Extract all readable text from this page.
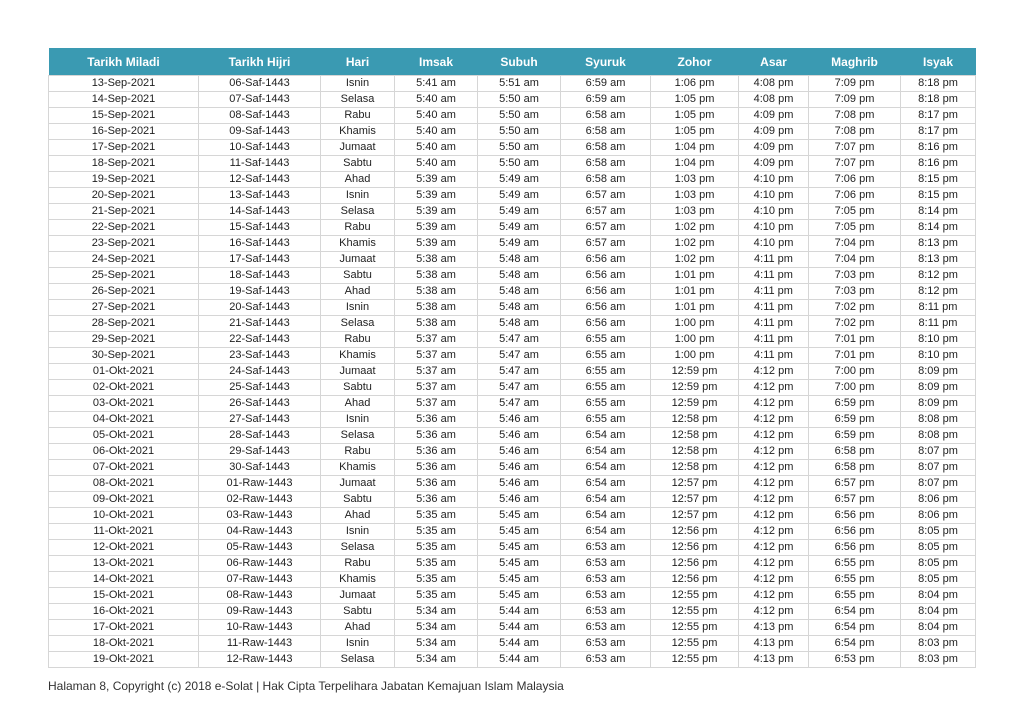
Tarikh Miladi	Tarikh Hijri	Hari	Imsak	Subuh	Syuruk	Zohor	Asar	Maghrib	Isyak
13-Sep-2021	06-Saf-1443	Isnin	5:41 am	5:51 am	6:59 am	1:06 pm	4:08 pm	7:09 pm	8:18 pm
14-Sep-2021	07-Saf-1443	Selasa	5:40 am	5:50 am	6:59 am	1:05 pm	4:08 pm	7:09 pm	8:18 pm
15-Sep-2021	08-Saf-1443	Rabu	5:40 am	5:50 am	6:58 am	1:05 pm	4:09 pm	7:08 pm	8:17 pm
16-Sep-2021	09-Saf-1443	Khamis	5:40 am	5:50 am	6:58 am	1:05 pm	4:09 pm	7:08 pm	8:17 pm
17-Sep-2021	10-Saf-1443	Jumaat	5:40 am	5:50 am	6:58 am	1:04 pm	4:09 pm	7:07 pm	8:16 pm
18-Sep-2021	11-Saf-1443	Sabtu	5:40 am	5:50 am	6:58 am	1:04 pm	4:09 pm	7:07 pm	8:16 pm
19-Sep-2021	12-Saf-1443	Ahad	5:39 am	5:49 am	6:58 am	1:03 pm	4:10 pm	7:06 pm	8:15 pm
20-Sep-2021	13-Saf-1443	Isnin	5:39 am	5:49 am	6:57 am	1:03 pm	4:10 pm	7:06 pm	8:15 pm
21-Sep-2021	14-Saf-1443	Selasa	5:39 am	5:49 am	6:57 am	1:03 pm	4:10 pm	7:05 pm	8:14 pm
22-Sep-2021	15-Saf-1443	Rabu	5:39 am	5:49 am	6:57 am	1:02 pm	4:10 pm	7:05 pm	8:14 pm
23-Sep-2021	16-Saf-1443	Khamis	5:39 am	5:49 am	6:57 am	1:02 pm	4:10 pm	7:04 pm	8:13 pm
24-Sep-2021	17-Saf-1443	Jumaat	5:38 am	5:48 am	6:56 am	1:02 pm	4:11 pm	7:04 pm	8:13 pm
25-Sep-2021	18-Saf-1443	Sabtu	5:38 am	5:48 am	6:56 am	1:01 pm	4:11 pm	7:03 pm	8:12 pm
26-Sep-2021	19-Saf-1443	Ahad	5:38 am	5:48 am	6:56 am	1:01 pm	4:11 pm	7:03 pm	8:12 pm
27-Sep-2021	20-Saf-1443	Isnin	5:38 am	5:48 am	6:56 am	1:01 pm	4:11 pm	7:02 pm	8:11 pm
28-Sep-2021	21-Saf-1443	Selasa	5:38 am	5:48 am	6:56 am	1:00 pm	4:11 pm	7:02 pm	8:11 pm
29-Sep-2021	22-Saf-1443	Rabu	5:37 am	5:47 am	6:55 am	1:00 pm	4:11 pm	7:01 pm	8:10 pm
30-Sep-2021	23-Saf-1443	Khamis	5:37 am	5:47 am	6:55 am	1:00 pm	4:11 pm	7:01 pm	8:10 pm
01-Okt-2021	24-Saf-1443	Jumaat	5:37 am	5:47 am	6:55 am	12:59 pm	4:12 pm	7:00 pm	8:09 pm
02-Okt-2021	25-Saf-1443	Sabtu	5:37 am	5:47 am	6:55 am	12:59 pm	4:12 pm	7:00 pm	8:09 pm
03-Okt-2021	26-Saf-1443	Ahad	5:37 am	5:47 am	6:55 am	12:59 pm	4:12 pm	6:59 pm	8:09 pm
04-Okt-2021	27-Saf-1443	Isnin	5:36 am	5:46 am	6:55 am	12:58 pm	4:12 pm	6:59 pm	8:08 pm
05-Okt-2021	28-Saf-1443	Selasa	5:36 am	5:46 am	6:54 am	12:58 pm	4:12 pm	6:59 pm	8:08 pm
06-Okt-2021	29-Saf-1443	Rabu	5:36 am	5:46 am	6:54 am	12:58 pm	4:12 pm	6:58 pm	8:07 pm
07-Okt-2021	30-Saf-1443	Khamis	5:36 am	5:46 am	6:54 am	12:58 pm	4:12 pm	6:58 pm	8:07 pm
08-Okt-2021	01-Raw-1443	Jumaat	5:36 am	5:46 am	6:54 am	12:57 pm	4:12 pm	6:57 pm	8:07 pm
09-Okt-2021	02-Raw-1443	Sabtu	5:36 am	5:46 am	6:54 am	12:57 pm	4:12 pm	6:57 pm	8:06 pm
10-Okt-2021	03-Raw-1443	Ahad	5:35 am	5:45 am	6:54 am	12:57 pm	4:12 pm	6:56 pm	8:06 pm
11-Okt-2021	04-Raw-1443	Isnin	5:35 am	5:45 am	6:54 am	12:56 pm	4:12 pm	6:56 pm	8:05 pm
12-Okt-2021	05-Raw-1443	Selasa	5:35 am	5:45 am	6:53 am	12:56 pm	4:12 pm	6:56 pm	8:05 pm
13-Okt-2021	06-Raw-1443	Rabu	5:35 am	5:45 am	6:53 am	12:56 pm	4:12 pm	6:55 pm	8:05 pm
14-Okt-2021	07-Raw-1443	Khamis	5:35 am	5:45 am	6:53 am	12:56 pm	4:12 pm	6:55 pm	8:05 pm
15-Okt-2021	08-Raw-1443	Jumaat	5:35 am	5:45 am	6:53 am	12:55 pm	4:12 pm	6:55 pm	8:04 pm
16-Okt-2021	09-Raw-1443	Sabtu	5:34 am	5:44 am	6:53 am	12:55 pm	4:12 pm	6:54 pm	8:04 pm
17-Okt-2021	10-Raw-1443	Ahad	5:34 am	5:44 am	6:53 am	12:55 pm	4:13 pm	6:54 pm	8:04 pm
18-Okt-2021	11-Raw-1443	Isnin	5:34 am	5:44 am	6:53 am	12:55 pm	4:13 pm	6:54 pm	8:03 pm
19-Okt-2021	12-Raw-1443	Selasa	5:34 am	5:44 am	6:53 am	12:55 pm	4:13 pm	6:53 pm	8:03 pm
Halaman 8, Copyright (c) 2018 e-Solat | Hak Cipta Terpelihara Jabatan Kemajuan Islam Malaysia
